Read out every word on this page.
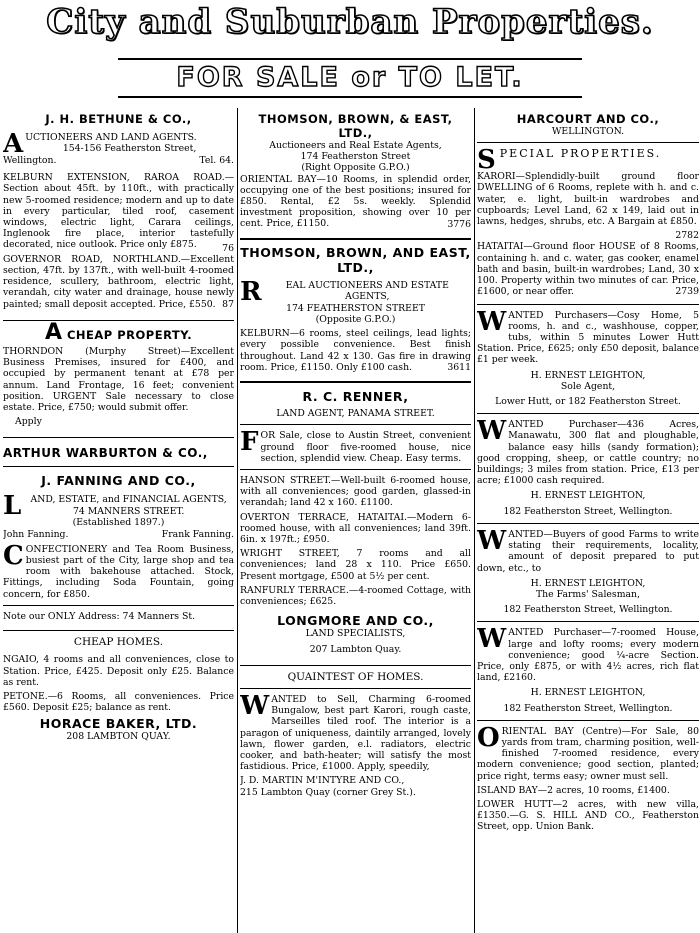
City and Suburban Properties.
FOR SALE or TO LET.
J. H. BETHUNE & CO.,
A UCTIONEERS AND LAND AGENTS.
154-156 Featherston Street,
Wellington.	Tel. 64.
KELBURN EXTENSION, RAROA ROAD.—Section about 45ft. by 110ft., with practically new 5-roomed residence; modern and up to date in every particular, tiled roof, casement windows, electric light, Carara ceilings, Inglenook fire place, interior tastefully decorated, nice outlook. Price only £875.	76
GOVERNOR ROAD, NORTHLAND.—Excellent section, 47ft. by 137ft., with well-built 4-roomed residence, scullery, bathroom, electric light, verandah, city water and drainage, house newly painted; small deposit accepted. Price, £550. 87
A CHEAP PROPERTY.
THORNDON (Murphy Street)—Excellent Business Premises, insured for £400, and occupied by permanent tenant at £78 per annum. Land Frontage, 16 feet; convenient position. URGENT Sale necessary to close estate. Price, £750; would submit offer.
Apply
ARTHUR WARBURTON & CO.,
J. FANNING AND CO.,
L AND, ESTATE, and FINANCIAL AGENTS,
74 MANNERS STREET.
(Established 1897.)
John Fanning.	Frank Fanning.
C ONFECTIONERY and Tea Room Business, busiest part of the City, large shop and tea room with bakehouse attached. Stock, Fittings, including Soda Fountain, going concern, for £850.
Note our ONLY Address: 74 Manners St.
CHEAP HOMES.
NGAIO, 4 rooms and all conveniences, close to Station. Price, £425. Deposit only £25. Balance as rent.
PETONE.—6 Rooms, all conveniences. Price £560. Deposit £25; balance as rent.
HORACE BAKER, LTD.
208 LAMBTON QUAY.
THOMSON, BROWN, & EAST, LTD.,
Auctioneers and Real Estate Agents,
174 Featherston Street
(Right Opposite G.P.O.)
ORIENTAL BAY—10 Rooms, in splendid order, occupying one of the best positions; insured for £850. Rental, £2 5s. weekly. Splendid investment proposition, showing over 10 per cent. Price, £1150.	3776
THOMSON, BROWN, AND EAST, LTD.,
R	EAL AUCTIONEERS AND ESTATE AGENTS,
174 FEATHERSTON STREET
(Opposite G.P.O.)
KELBURN—6 rooms, steel ceilings, lead lights; every possible convenience. Best finish throughout. Land 42 x 130. Gas fire in drawing room. Price, £1150. Only £100 cash.	3611
R. C. RENNER,
LAND AGENT, PANAMA STREET.
F OR Sale, close to Austin Street, convenient ground floor five-roomed house, nice section, splendid view. Cheap. Easy terms.
HANSON STREET.—Well-built 6-roomed house, with all conveniences; good garden, glassed-in verandah; land 42 x 160. £1100.
OVERTON TERRACE, HATAITAI.—Modern 6-roomed house, with all conveniences; land 39ft. 6in. x 197ft.; £950.
WRIGHT STREET, 7 rooms and all conveniences; land 28 x 110. Price £650. Present mortgage, £500 at 5½ per cent.
RANFURLY TERRACE.—4-roomed Cottage, with conveniences; £625.
LONGMORE AND CO.,
LAND SPECIALISTS,
207 Lambton Quay.
QUAINTEST OF HOMES.
W ANTED to Sell, Charming 6-roomed Bungalow, best part Karori, rough caste, Marseilles tiled roof. The interior is a paragon of uniqueness, daintily arranged, lovely lawn, flower garden, e.l. radiators, electric cooker, and bath-heater; will satisfy the most fastidious. Price, £1000. Apply, speedily,
J. D. MARTIN M'INTYRE AND CO.,
215 Lambton Quay (corner Grey St.).
HARCOURT AND CO.,
WELLINGTON.
S PECIAL PROPERTIES.
KARORI—Splendidly-built ground floor DWELLING of 6 Rooms, replete with h. and c. water, e. light, built-in wardrobes and cupboards; Level Land, 62 x 149, laid out in lawns, hedges, shrubs, etc. A Bargain at £850.
2782
HATAITAI—Ground floor HOUSE of 8 Rooms, containing h. and c. water, gas cooker, enamel bath and basin, built-in wardrobes; Land, 30 x 100. Property within two minutes of car. Price, £1600, or near offer.	2739
W ANTED Purchasers—Cosy Home, 5 rooms, h. and c., washhouse, copper, tubs, within 5 minutes Lower Hutt Station. Price, £625; only £50 deposit, balance £1 per week.
H. ERNEST LEIGHTON,
Sole Agent,
Lower Hutt, or 182 Featherston Street.
W ANTED Purchaser—436 Acres, Manawatu, 300 flat and ploughable, balance easy hills (sandy formation); good cropping, sheep, or cattle country; no buildings; 3 miles from station. Price, £13 per acre; £1000 cash required.
H. ERNEST LEIGHTON,
182 Featherston Street, Wellington.
W ANTED—Buyers of good Farms to write stating their requirements, locality, amount of deposit prepared to put down, etc., to
H. ERNEST LEIGHTON,
The Farms' Salesman,
182 Featherston Street, Wellington.
W ANTED Purchaser—7-roomed House, large and lofty rooms; every modern convenience; good ¼-acre Section. Price, only £875, or with 4½ acres, rich flat land, £2160.
H. ERNEST LEIGHTON,
182 Featherston Street, Wellington.
O RIENTAL BAY (Centre)—For Sale, 80 yards from tram, charming position, well-finished 7-roomed residence, every modern convenience; good section, planted; price right, terms easy; owner must sell.
ISLAND BAY—2 acres, 10 rooms, £1400.
LOWER HUTT—2 acres, with new villa, £1350.—G. S. HILL AND CO., Featherston Street, opp. Union Bank.
